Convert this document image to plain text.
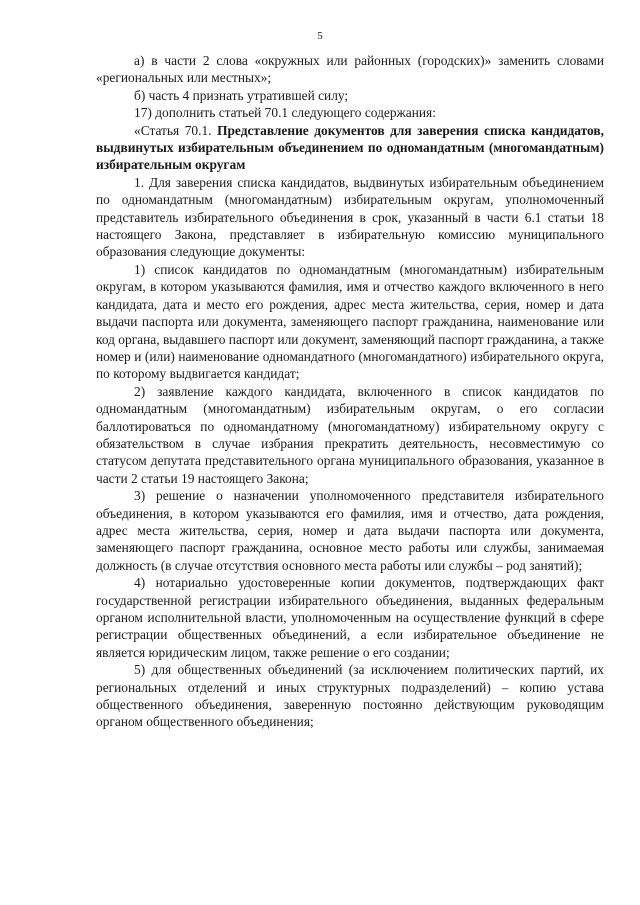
5

а) в части 2 слова «окружных или районных (городских)» заменить словами «региональных или местных»;

б) часть 4 признать утратившей силу;

17) дополнить статьей 70.1 следующего содержания:

«Статья 70.1. Представление документов для заверения списка кандидатов, выдвинутых избирательным объединением по одномандатным (многомандатным) избирательным округам

1. Для заверения списка кандидатов, выдвинутых избирательным объединением по одномандатным (многомандатным) избирательным округам, уполномоченный представитель избирательного объединения в срок, указанный в части 6.1 статьи 18 настоящего Закона, представляет в избирательную комиссию муниципального образования следующие документы:

1) список кандидатов по одномандатным (многомандатным) избирательным округам, в котором указываются фамилия, имя и отчество каждого включенного в него кандидата, дата и место его рождения, адрес места жительства, серия, номер и дата выдачи паспорта или документа, заменяющего паспорт гражданина, наименование или код органа, выдавшего паспорт или документ, заменяющий паспорт гражданина, а также номер и (или) наименование одномандатного (многомандатного) избирательного округа, по которому выдвигается кандидат;

2) заявление каждого кандидата, включенного в список кандидатов по одномандатным (многомандатным) избирательным округам, о его согласии баллотироваться по одномандатному (многомандатному) избирательному округу с обязательством в случае избрания прекратить деятельность, несовместимую со статусом депутата представительного органа муниципального образования, указанное в части 2 статьи 19 настоящего Закона;

3) решение о назначении уполномоченного представителя избирательного объединения, в котором указываются его фамилия, имя и отчество, дата рождения, адрес места жительства, серия, номер и дата выдачи паспорта или документа, заменяющего паспорт гражданина, основное место работы или службы, занимаемая должность (в случае отсутствия основного места работы или службы – род занятий);

4) нотариально удостоверенные копии документов, подтверждающих факт государственной регистрации избирательного объединения, выданных федеральным органом исполнительной власти, уполномоченным на осуществление функций в сфере регистрации общественных объединений, а если избирательное объединение не является юридическим лицом, также решение о его создании;

5) для общественных объединений (за исключением политических партий, их региональных отделений и иных структурных подразделений) – копию устава общественного объединения, заверенную постоянно действующим руководящим органом общественного объединения;
